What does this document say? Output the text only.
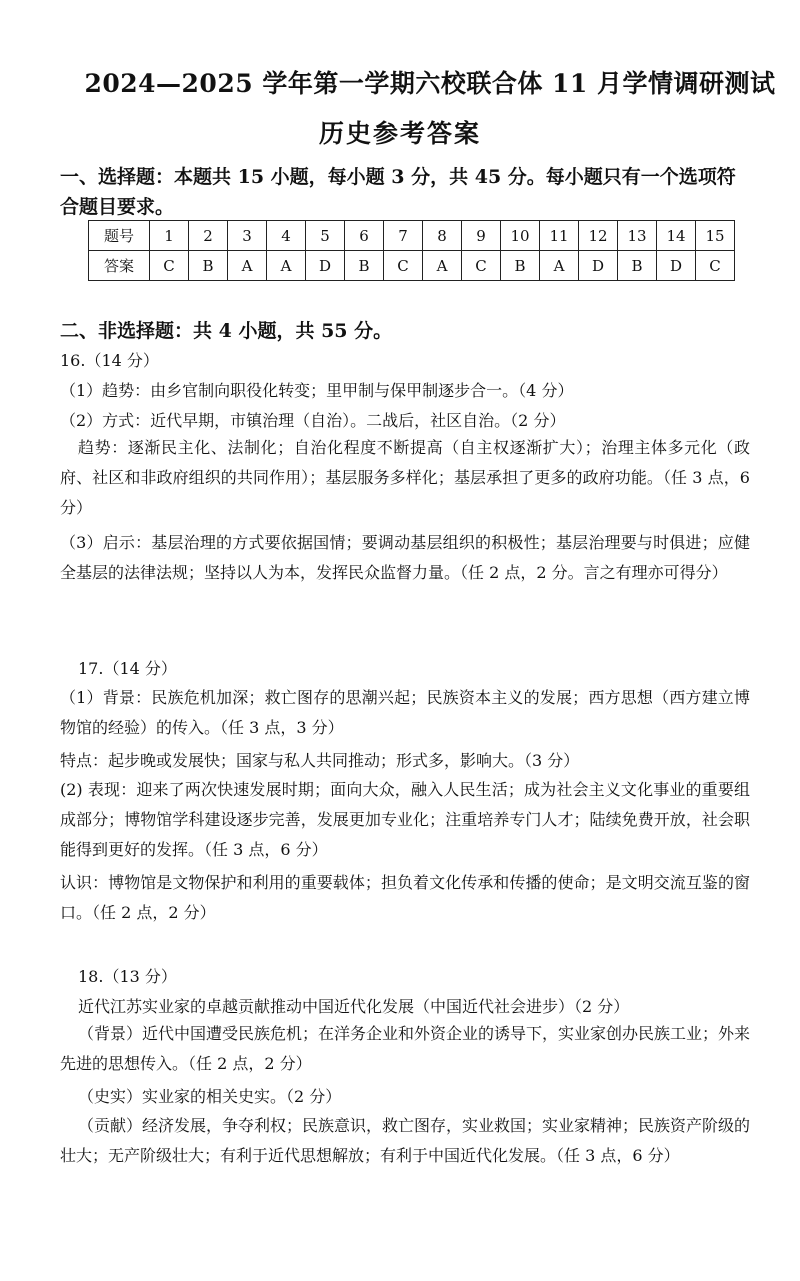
2024—2025 学年第一学期六校联合体 11 月学情调研测试
历史参考答案
一、选择题：本题共 15 小题，每小题 3 分，共 45 分。每小题只有一个选项符合题目要求。
题号	1	2	3	4	5	6	7	8	9	10	11	12	13	14	15
答案	C	B	A	A	D	B	C	A	C	B	A	D	B	D	C
二、非选择题：共 4 小题，共 55 分。
16.（14 分）
（1）趋势：由乡官制向职役化转变；里甲制与保甲制逐步合一。（4 分）
（2）方式：近代早期，市镇治理（自治）。二战后，社区自治。（2 分）
趋势：逐渐民主化、法制化；自治化程度不断提高（自主权逐渐扩大）；治理主体多元化（政府、社区和非政府组织的共同作用）；基层服务多样化；基层承担了更多的政府功能。（任 3 点，6 分）
（3）启示：基层治理的方式要依据国情；要调动基层组织的积极性；基层治理要与时俱进；应健全基层的法律法规；坚持以人为本，发挥民众监督力量。（任 2 点，2 分。言之有理亦可得分）
17.（14 分）
（1）背景：民族危机加深；救亡图存的思潮兴起；民族资本主义的发展；西方思想（西方建立博物馆的经验）的传入。（任 3 点，3 分）
特点：起步晚或发展快；国家与私人共同推动；形式多，影响大。（3 分）
(2) 表现：迎来了两次快速发展时期；面向大众，融入人民生活；成为社会主义文化事业的重要组成部分；博物馆学科建设逐步完善，发展更加专业化；注重培养专门人才；陆续免费开放，社会职能得到更好的发挥。（任 3 点，6 分）
认识：博物馆是文物保护和利用的重要载体；担负着文化传承和传播的使命；是文明交流互鉴的窗口。（任 2 点，2 分）
18.（13 分）
近代江苏实业家的卓越贡献推动中国近代化发展（中国近代社会进步）（2 分）
（背景）近代中国遭受民族危机；在洋务企业和外资企业的诱导下，实业家创办民族工业；外来先进的思想传入。（任 2 点，2 分）
（史实）实业家的相关史实。（2 分）
（贡献）经济发展，争夺利权；民族意识，救亡图存，实业救国；实业家精神；民族资产阶级的壮大；无产阶级壮大；有利于近代思想解放；有利于中国近代化发展。（任 3 点，6 分）
